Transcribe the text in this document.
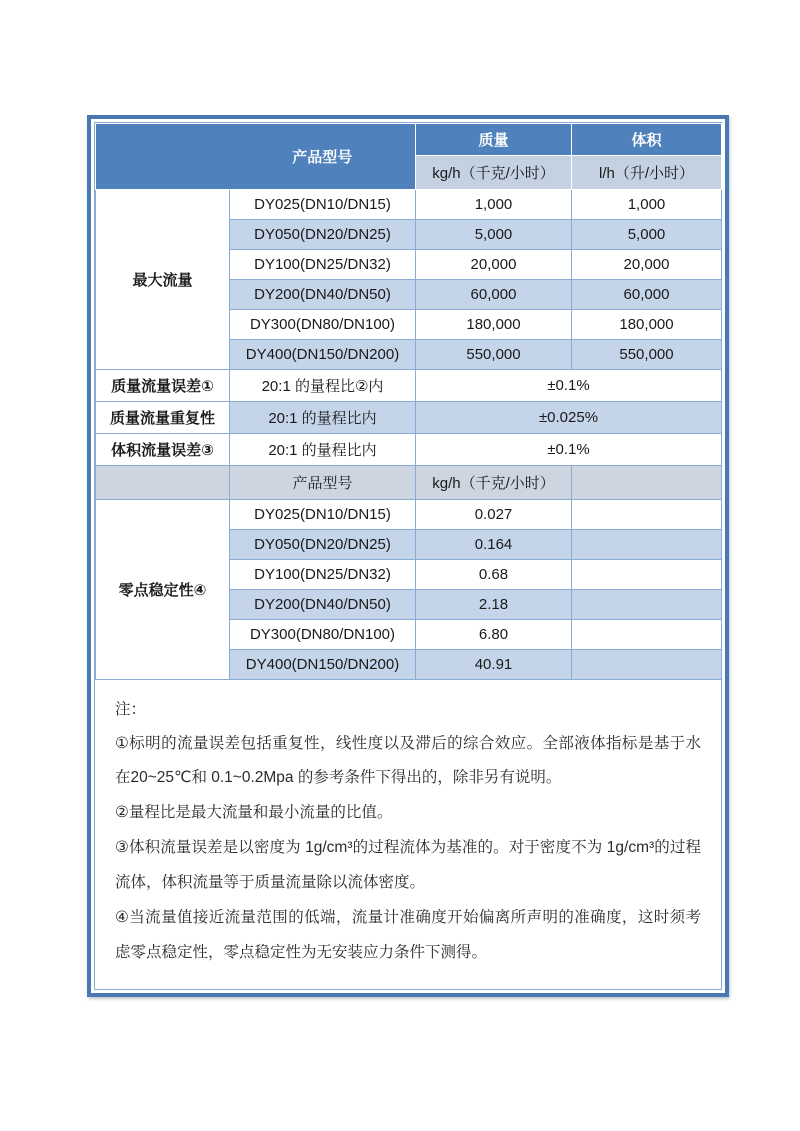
	产品型号	质量	体积
		kg/h（千克/小时）	l/h（升/小时）
最大流量	DY025(DN10/DN15)	1,000	1,000
	DY050(DN20/DN25)	5,000	5,000
	DY100(DN25/DN32)	20,000	20,000
	DY200(DN40/DN50)	60,000	60,000
	DY300(DN80/DN100)	180,000	180,000
	DY400(DN150/DN200)	550,000	550,000
质量流量误差①	20:1 的量程比②内	±0.1%	
质量流量重复性	20:1 的量程比内	±0.025%	
体积流量误差③	20:1 的量程比内	±0.1%	
	产品型号	kg/h（千克/小时）	
零点稳定性④	DY025(DN10/DN15)	0.027	
	DY050(DN20/DN25)	0.164	
	DY100(DN25/DN32)	0.68	
	DY200(DN40/DN50)	2.18	
	DY300(DN80/DN100)	6.80	
	DY400(DN150/DN200)	40.91	

注：

①标明的流量误差包括重复性，线性度以及滞后的综合效应。全部液体指标是基于水在20~25℃和 0.1~0.2Mpa 的参考条件下得出的，除非另有说明。

②量程比是最大流量和最小流量的比值。

③体积流量误差是以密度为 1g/cm³的过程流体为基准的。对于密度不为 1g/cm³的过程流体，体积流量等于质量流量除以流体密度。

④当流量值接近流量范围的低端，流量计准确度开始偏离所声明的准确度，这时须考虑零点稳定性，零点稳定性为无安装应力条件下测得。
